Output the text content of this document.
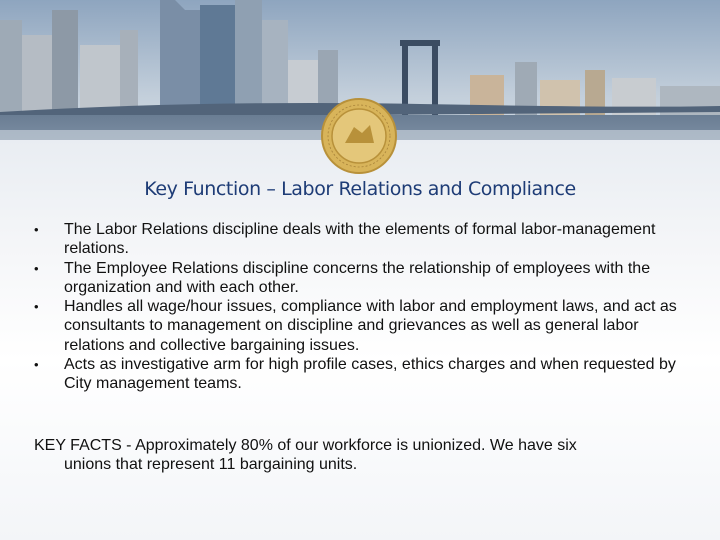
Key Function – Labor Relations and Compliance
• The Labor Relations discipline deals with the elements of formal labor-management relations.
• The Employee Relations discipline concerns the relationship of employees with the organization and with each other.
• Handles all wage/hour issues, compliance with labor and employment laws, and act as consultants to management on discipline and grievances as well as general labor relations and collective bargaining issues.
• Acts as investigative arm for high profile cases, ethics charges and when requested by City management teams.

KEY FACTS - Approximately 80% of our workforce is unionized. We have six
unions that represent 11 bargaining units.
